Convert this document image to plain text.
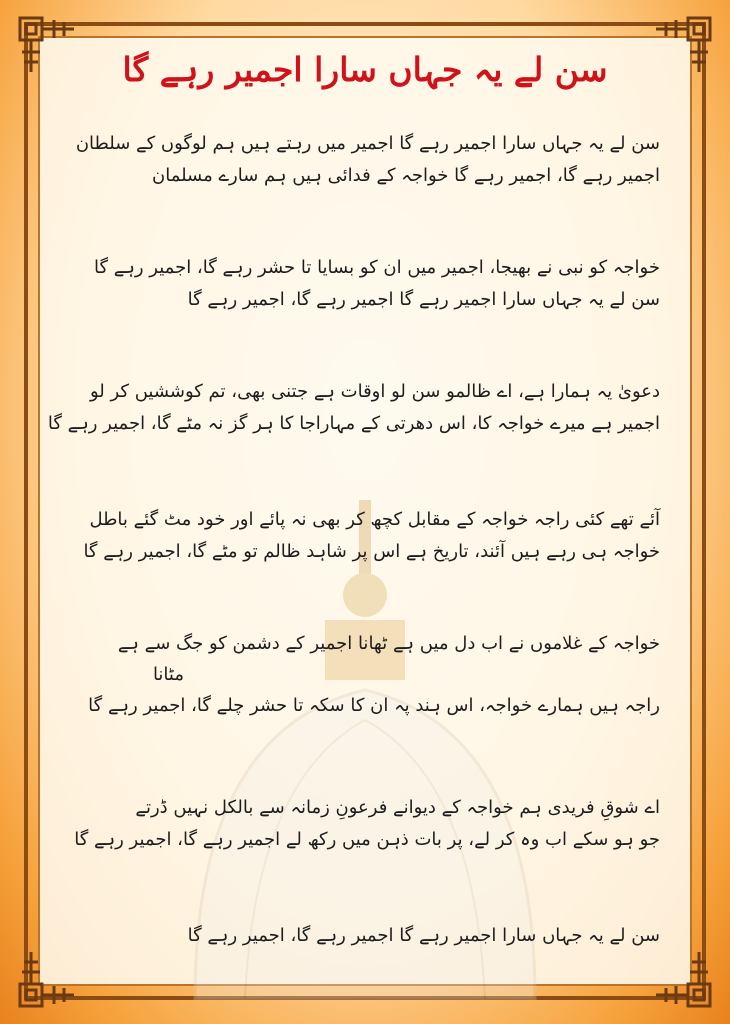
سن لے یہ جہاں سارا اجمیر رہے گا
سن لے یہ جہاں سارا اجمیر رہے گا اجمیر میں رہتے ہیں ہم لوگوں کے سلطان
اجمیر رہے گا، اجمیر رہے گا خواجہ کے فدائی ہیں ہم سارے مسلمان
خواجہ کو نبی نے بھیجا، اجمیر میں ان کو بسایا تا حشر رہے گا، اجمیر رہے گا
سن لے یہ جہاں سارا اجمیر رہے گا اجمیر رہے گا، اجمیر رہے گا
دعویٰ یہ ہمارا ہے، اے ظالمو سن لو اوقات ہے جتنی بھی، تم کوششیں کر لو
اجمیر ہے میرے خواجہ کا، اس دھرتی کے مہاراجا کا ہر گز نہ مٹے گا، اجمیر رہے گا
آئے تھے کئی راجہ خواجہ کے مقابل کچھ کر بھی نہ پائے اور خود مٹ گئے باطل
خواجہ ہی رہے ہیں آئند، تاریخ ہے اس پر شاہد ظالم تو مٹے گا، اجمیر رہے گا
خواجہ کے غلاموں نے اب دل میں ہے ٹھانا اجمیر کے دشمن کو جگ سے ہے
مٹانا
راجہ ہیں ہمارے خواجہ، اس ہند پہ ان کا سکہ تا حشر چلے گا، اجمیر رہے گا
اے شوقِ فریدی ہم خواجہ کے دیوانے فرعونِ زمانہ سے بالکل نہیں ڈرتے
جو ہو سکے اب وہ کر لے، پر بات ذہن میں رکھ لے اجمیر رہے گا، اجمیر رہے گا
سن لے یہ جہاں سارا اجمیر رہے گا اجمیر رہے گا، اجمیر رہے گا
